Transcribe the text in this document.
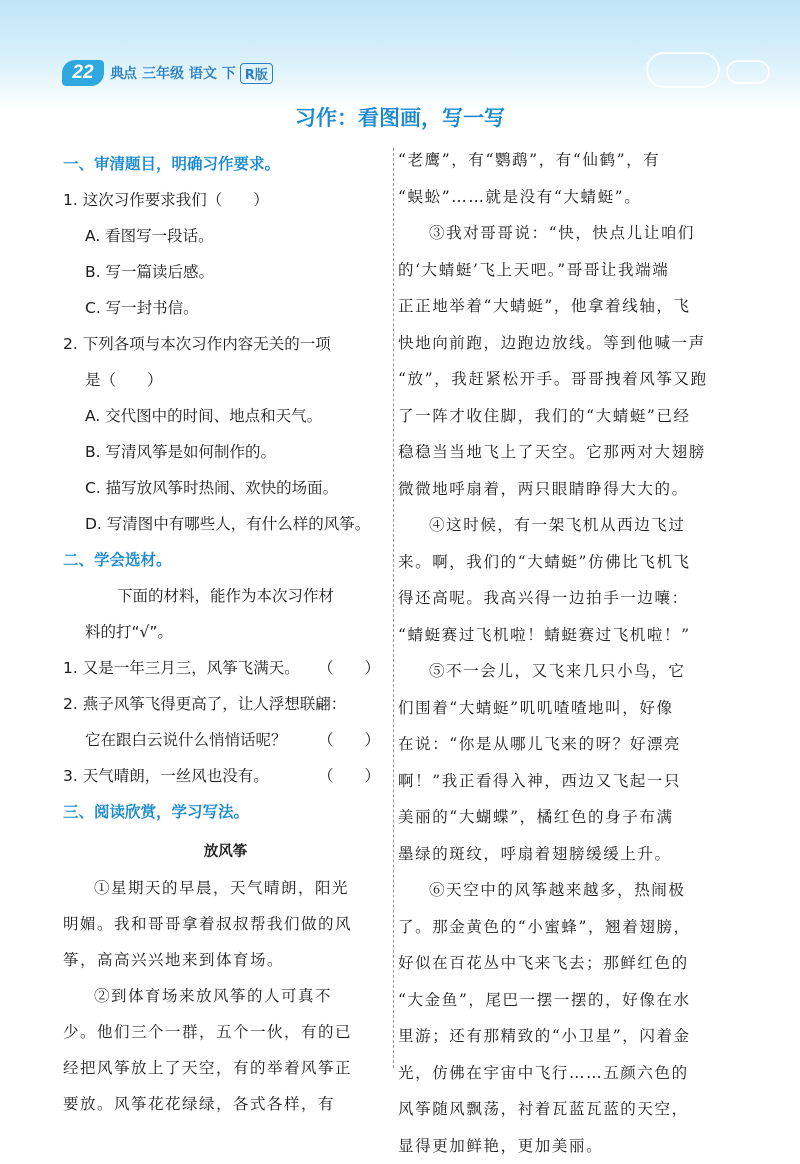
22	典点 三年级 语文 下 R版
习作：看图画，写一写
一、审清题目，明确习作要求。
1. 这次习作要求我们（　　）
A. 看图写一段话。
B. 写一篇读后感。
C. 写一封书信。
2. 下列各项与本次习作内容无关的一项
是（　　）
A. 交代图中的时间、地点和天气。
B. 写清风筝是如何制作的。
C. 描写放风筝时热闹、欢快的场面。
D. 写清图中有哪些人，有什么样的风筝。
二、学会选材。
下面的材料，能作为本次习作材
料的打“√”。
1. 又是一年三月三，风筝飞满天。 （　　）
2. 燕子风筝飞得更高了，让人浮想联翩：
它在跟白云说什么悄悄话呢？ （　　）
3. 天气晴朗，一丝风也没有。	（　　）
三、阅读欣赏，学习写法。
放风筝
①星期天的早晨，天气晴朗，阳光
明媚。我和哥哥拿着叔叔帮我们做的风
筝，高高兴兴地来到体育场。
②到体育场来放风筝的人可真不
少。他们三个一群，五个一伙，有的已
经把风筝放上了天空，有的举着风筝正
要放。风筝花花绿绿，各式各样，有
“老鹰”，有“鹦鹉”，有“仙鹤”，有
“蜈蚣”……就是没有“大蜻蜓”。
③我对哥哥说：“快，快点儿让咱们
的‘大蜻蜓’飞上天吧。”哥哥让我端端
正正地举着“大蜻蜓”，他拿着线轴，飞
快地向前跑，边跑边放线。等到他喊一声
“放”，我赶紧松开手。哥哥拽着风筝又跑
了一阵才收住脚，我们的“大蜻蜓”已经
稳稳当当地飞上了天空。它那两对大翅膀
微微地呼扇着，两只眼睛睁得大大的。
④这时候，有一架飞机从西边飞过
来。啊，我们的“大蜻蜓”仿佛比飞机飞
得还高呢。我高兴得一边拍手一边嚷：
“蜻蜓赛过飞机啦！蜻蜓赛过飞机啦！”
⑤不一会儿，又飞来几只小鸟，它
们围着“大蜻蜓”叽叽喳喳地叫，好像
在说：“你是从哪儿飞来的呀？好漂亮
啊！”我正看得入神，西边又飞起一只
美丽的“大蝴蝶”，橘红色的身子布满
墨绿的斑纹，呼扇着翅膀缓缓上升。
⑥天空中的风筝越来越多，热闹极
了。那金黄色的“小蜜蜂”，翘着翅膀，
好似在百花丛中飞来飞去；那鲜红色的
“大金鱼”，尾巴一摆一摆的，好像在水
里游；还有那精致的“小卫星”，闪着金
光，仿佛在宇宙中飞行……五颜六色的
风筝随风飘荡，衬着瓦蓝瓦蓝的天空，
显得更加鲜艳，更加美丽。
